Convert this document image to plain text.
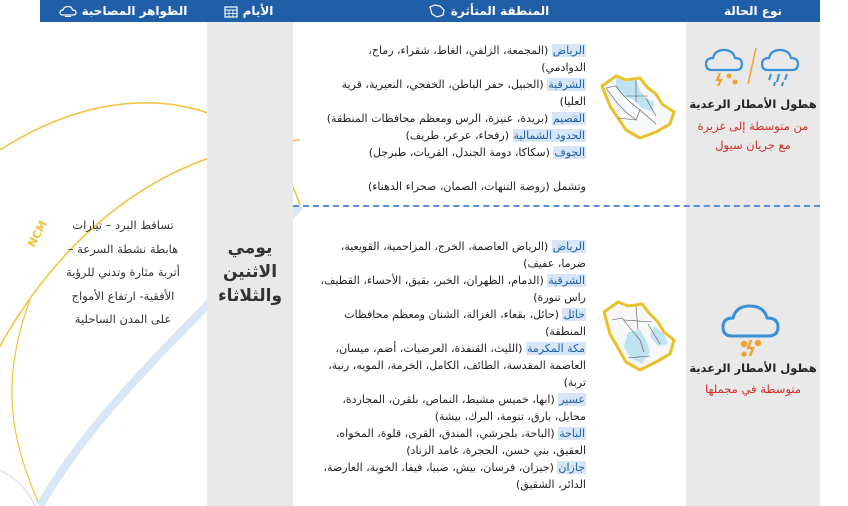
NCM
نوع الحالة
المنطقة المتأثرة
الأيام
الظواهر المصاحبة
يومي
الاثنين
والثلاثاء
تساقط البرد – تيارات
هابطة نشطة السرعة –
أتربة مثارة وتدني للرؤية
الأفقية- ارتفاع الأمواج
على المدن الساحلية
الرياض (المجمعة، الزلفي، الغاط، شقراء، رماح،
الدوادمي)
الشرقية (الجبيل، حفر الباطن، الخفجي، النعيرية، قرية
العليا)
القصيم (بريدة، عنيزة، الرس ومعظم محافظات المنطقة)
الحدود الشمالية (رفحاء، عرعر، طريف)
الجوف (سكاكا، دومة الجندل، القريات، طبرجل)
وتشمل (روضة التنهات، الصمان، صحراء الدهناء)
الرياض (الرياض العاصمة، الخرج، المزاحمية، القويعية،
ضرما، عفيف)
الشرقية (الدمام، الظهران، الخبر، بقيق، الأحساء، القطيف،
راس تنورة)
حائل (حائل، بقعاء، الغزالة، الشنان ومعظم محافظات
المنطقة)
مكة المكرمة (الليث، القنفذة، العرضيات، أضم، ميسان،
العاصمة المقدسة، الطائف، الكامل، الخرمة، المويه، رنية،
تربة)
عسير (ابها، خميس مشيط، النماص، بلقرن، المجاردة،
محايل، بارق، تنومة، البرك، بيشة)
الباحة (الباحة، بلجرشي، المندق، القرى، قلوة، المخواه،
العقيق، بني حسن، الحجرة، غامد الزناد)
جازان (جيزان، فرسان، بيش، صبيا، فيفا، الخوبة، العارضة،
الدائر، الشقيق)
هطول الأمطار الرعدية
من متوسطة إلى غزيرة
مع جريان سيول
هطول الأمطار الرعدية
متوسطة في مجملها
